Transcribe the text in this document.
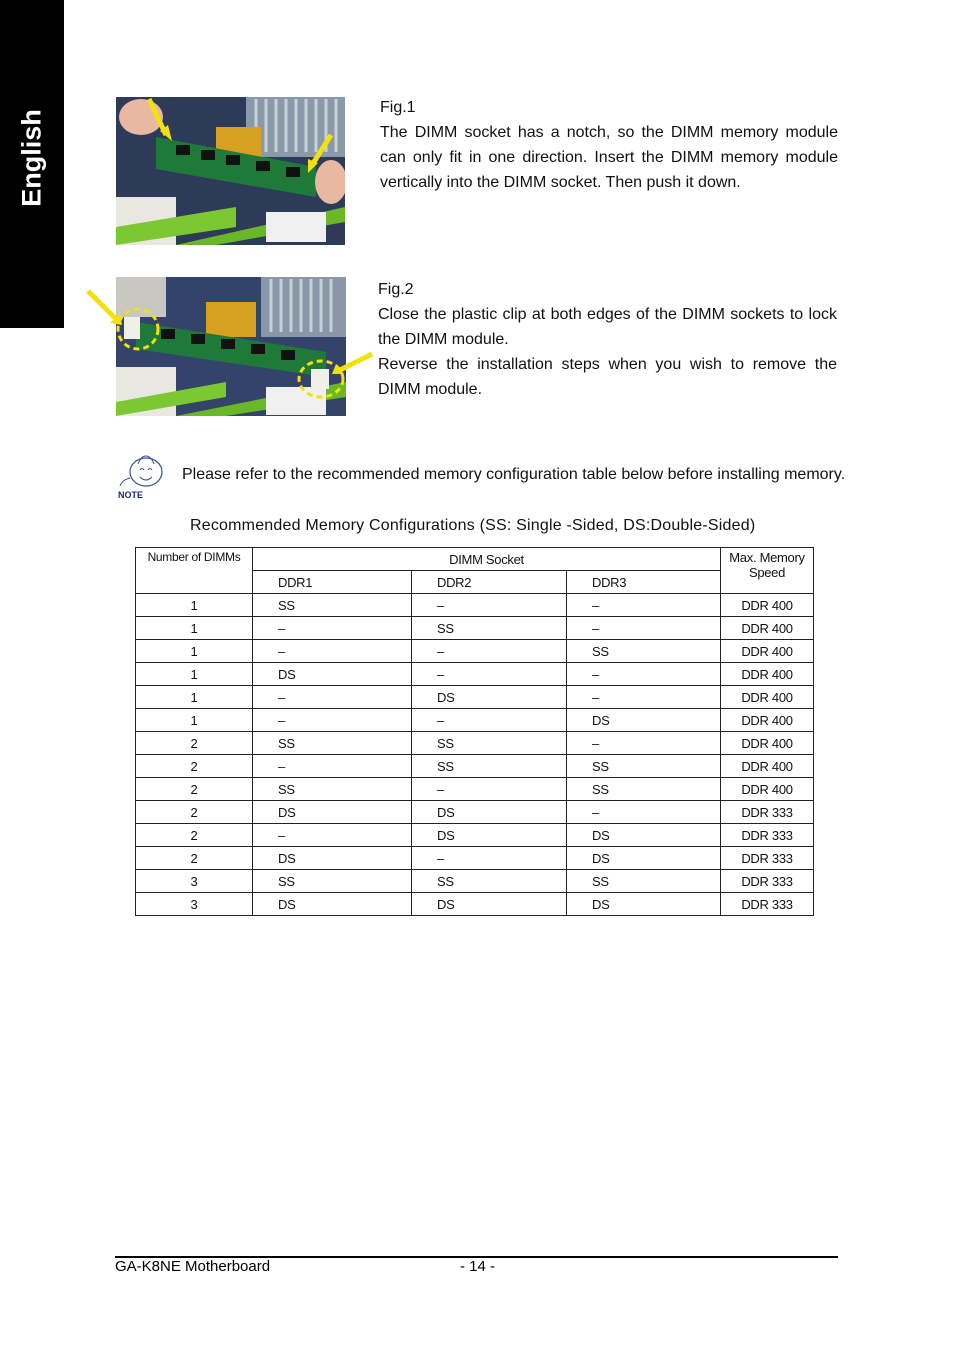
English

Fig.1

The DIMM socket has a notch, so the DIMM memory module can only fit in one direction. Insert the DIMM memory module vertically into the DIMM socket. Then push it down.

Fig.2

Close the plastic clip at both edges of the DIMM sockets to lock the DIMM module.

Reverse the installation steps when you wish to remove the DIMM module.

NOTE
Please refer to the recommended memory configuration table below before installing memory.
Recommended Memory Configurations (SS: Single -Sided, DS:Double-Sided)
Number of DIMMs	DIMM Socket			Max. Memory Speed
	DDR1	DDR2	DDR3	
1	SS	–	–	DDR 400
1	–	SS	–	DDR 400
1	–	–	SS	DDR 400
1	DS	–	–	DDR 400
1	–	DS	–	DDR 400
1	–	–	DS	DDR 400
2	SS	SS	–	DDR 400
2	–	SS	SS	DDR 400
2	SS	–	SS	DDR 400
2	DS	DS	–	DDR 333
2	–	DS	DS	DDR 333
2	DS	–	DS	DDR 333
3	SS	SS	SS	DDR 333
3	DS	DS	DS	DDR 333
GA-K8NE Motherboard	- 14 -
